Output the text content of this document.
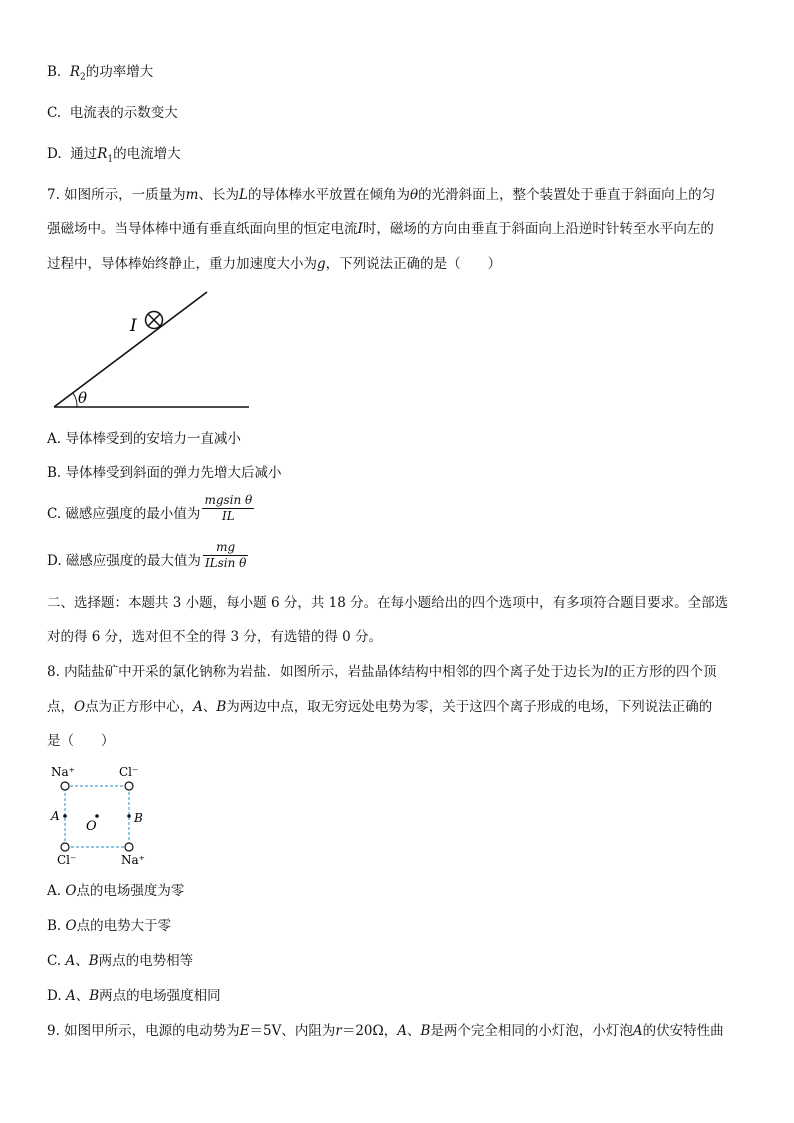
B. $R_2$的功率增大
C. 电流表的示数变大
D. 通过$R_1$的电流增大
7. 如图所示，一质量为m、长为L的导体棒水平放置在倾角为θ的光滑斜面上，整个装置处于垂直于斜面向上的匀
强磁场中。当导体棒中通有垂直纸面向里的恒定电流I时，磁场的方向由垂直于斜面向上沿逆时针转至水平向左的
过程中，导体棒始终静止，重力加速度大小为g，下列说法正确的是（　　）
θ
I
A. 导体棒受到的安培力一直减小
B. 导体棒受到斜面的弹力先增大后减小
C. 磁感应强度的最小值为 $\frac{\text{mgsin θ}}{IL}$
D. 磁感应强度的最大值为 $\frac{mg}{\text{ILsin θ}}$
二、选择题：本题共 3 小题，每小题 6 分，共 18 分。在每小题给出的四个选项中，有多项符合题目要求。全部选
对的得 6 分，选对但不全的得 3 分，有选错的得 0 分。
8. 内陆盐矿中开采的氯化钠称为岩盐．如图所示，岩盐晶体结构中相邻的四个离子处于边长为l的正方形的四个顶
点，O点为正方形中心，A、B为两边中点，取无穷远处电势为零，关于这四个离子形成的电场，下列说法正确的
是（　　）
Na⁺	Cl⁻
Cl⁻	Na⁺
A	B
O
A. O点的电场强度为零
B. O点的电势大于零
C. A、B两点的电势相等
D. A、B两点的电场强度相同
9. 如图甲所示，电源的电动势为E＝5V、内阻为r＝20Ω，A、B是两个完全相同的小灯泡，小灯泡A的伏安特性曲
